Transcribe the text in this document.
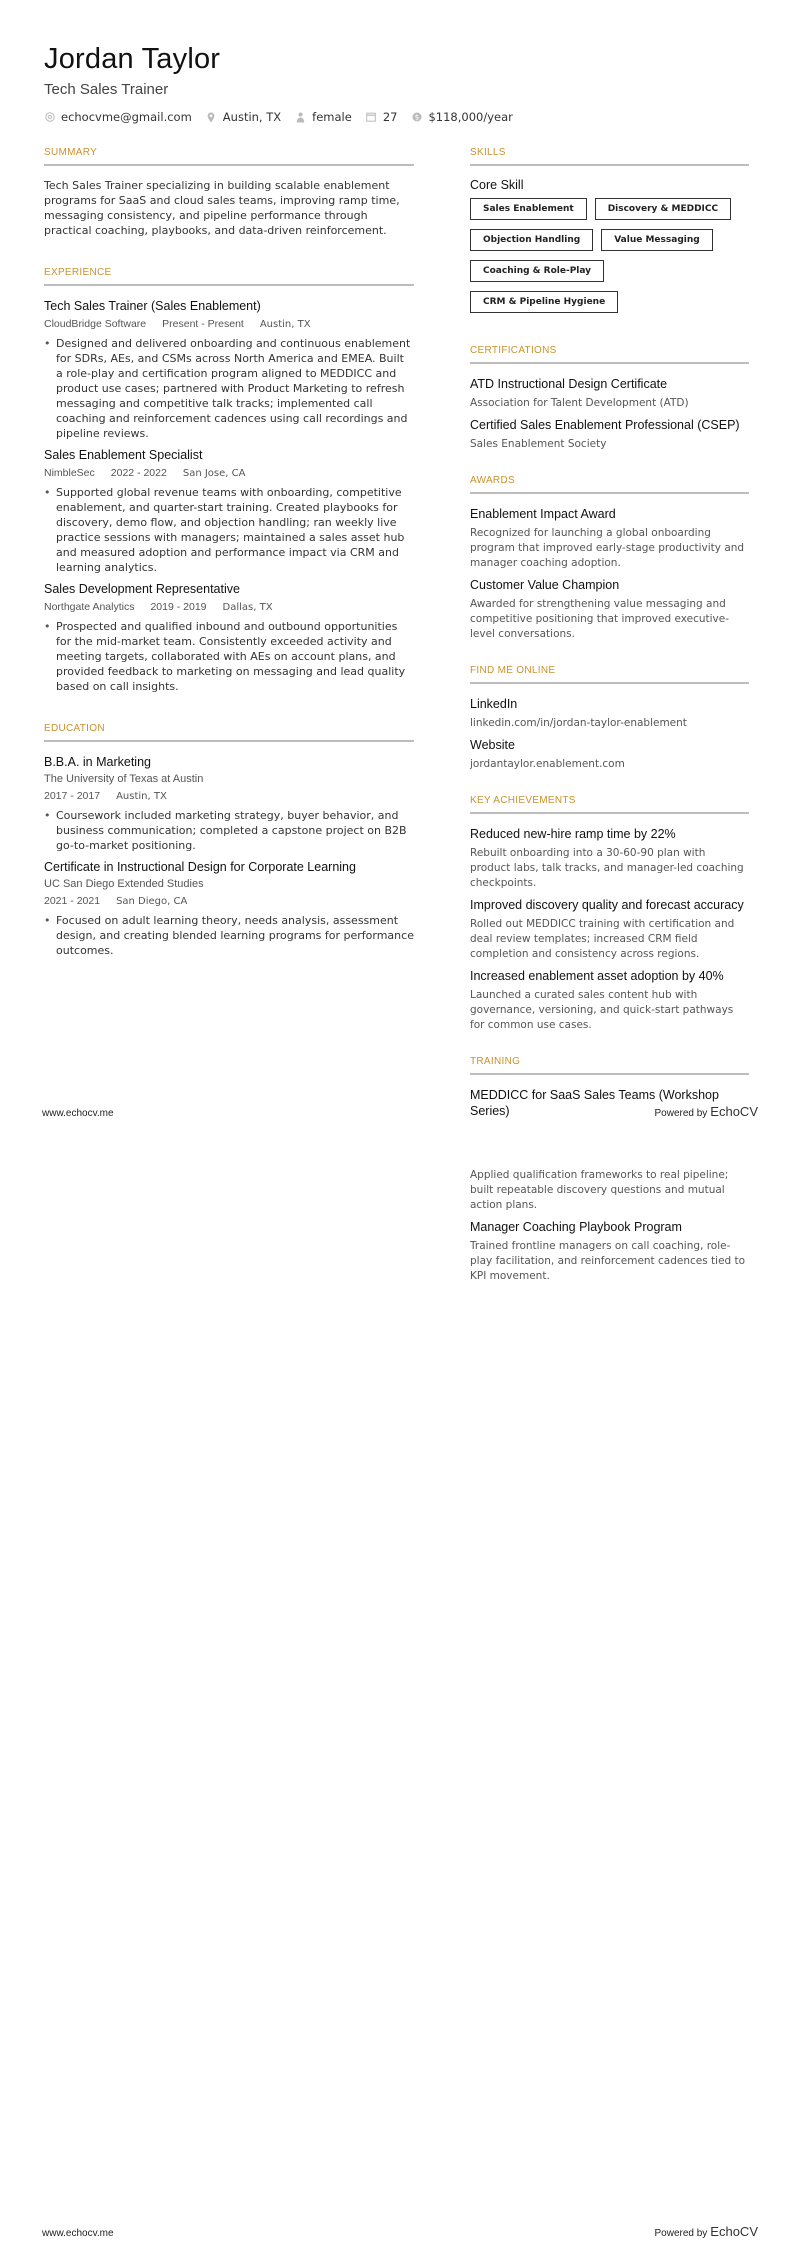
Jordan Taylor
Tech Sales Trainer
echocvme@gmail.com	Austin, TX	female	27 $ $118,000/year
SUMMARY
Tech Sales Trainer specializing in building scalable enablement programs for SaaS and cloud sales teams, improving ramp time, messaging consistency, and pipeline performance through practical coaching, playbooks, and data-driven reinforcement.
EXPERIENCE
Tech Sales Trainer (Sales Enablement)
CloudBridge Software Present - Present Austin, TX
• Designed and delivered onboarding and continuous enablement for SDRs, AEs, and CSMs across North America and EMEA. Built a role-play and certification program aligned to MEDDICC and product use cases; partnered with Product Marketing to refresh messaging and competitive talk tracks; implemented call coaching and reinforcement cadences using call recordings and pipeline reviews.
Sales Enablement Specialist
NimbleSec 2022 - 2022 San Jose, CA
• Supported global revenue teams with onboarding, competitive enablement, and quarter-start training. Created playbooks for discovery, demo flow, and objection handling; ran weekly live practice sessions with managers; maintained a sales asset hub and measured adoption and performance impact via CRM and learning analytics.
Sales Development Representative
Northgate Analytics 2019 - 2019 Dallas, TX
• Prospected and qualified inbound and outbound opportunities for the mid-market team. Consistently exceeded activity and meeting targets, collaborated with AEs on account plans, and provided feedback to marketing on messaging and lead quality based on call insights.
EDUCATION
B.B.A. in Marketing
The University of Texas at Austin
2017 - 2017 Austin, TX
• Coursework included marketing strategy, buyer behavior, and business communication; completed a capstone project on B2B go-to-market positioning.
Certificate in Instructional Design for Corporate Learning
UC San Diego Extended Studies
2021 - 2021 San Diego, CA
• Focused on adult learning theory, needs analysis, assessment design, and creating blended learning programs for performance outcomes.
SKILLS
Core Skill
Sales Enablement	Discovery & MEDDICC
Objection Handling	Value Messaging
Coaching & Role-Play
CRM & Pipeline Hygiene
CERTIFICATIONS
ATD Instructional Design Certificate
Association for Talent Development (ATD)
Certified Sales Enablement Professional (CSEP)
Sales Enablement Society
AWARDS
Enablement Impact Award
Recognized for launching a global onboarding program that improved early-stage productivity and manager coaching adoption.
Customer Value Champion
Awarded for strengthening value messaging and competitive positioning that improved executive-level conversations.
FIND ME ONLINE
LinkedIn
linkedin.com/in/jordan-taylor-enablement
Website
jordantaylor.enablement.com
KEY ACHIEVEMENTS
Reduced new-hire ramp time by 22%
Rebuilt onboarding into a 30-60-90 plan with product labs, talk tracks, and manager-led coaching checkpoints.
Improved discovery quality and forecast accuracy
Rolled out MEDDICC training with certification and deal review templates; increased CRM field completion and consistency across regions.
Increased enablement asset adoption by 40%
Launched a curated sales content hub with governance, versioning, and quick-start pathways for common use cases.
TRAINING
MEDDICC for SaaS Sales Teams (Workshop Series)
www.echocv.me	Powered by EchoCV
Applied qualification frameworks to real pipeline; built repeatable discovery questions and mutual action plans.
Manager Coaching Playbook Program
Trained frontline managers on call coaching, role-play facilitation, and reinforcement cadences tied to KPI movement.
www.echocv.me	Powered by EchoCV
